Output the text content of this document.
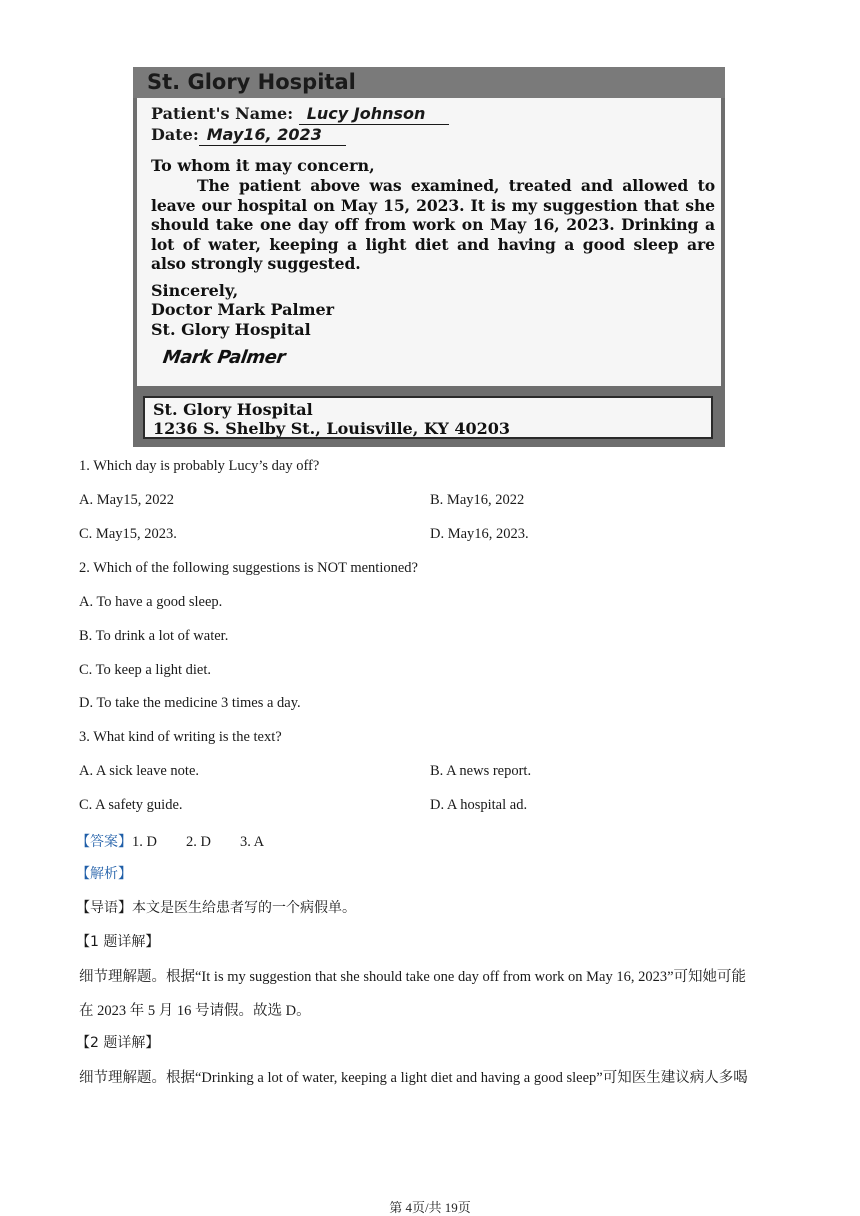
St. Glory Hospital
Patient's Name: Lucy Johnson
Date: May16, 2023
To whom it may concern,
The patient above was examined, treated and allowed to leave our hospital on May 15, 2023. It is my suggestion that she should take one day off from work on May 16, 2023. Drinking a lot of water, keeping a light diet and having a good sleep are also strongly suggested.
Sincerely,
Doctor Mark Palmer
St. Glory Hospital
Mark Palmer
St. Glory Hospital
1236 S. Shelby St., Louisville, KY 40203
1. Which day is probably Lucy’s day off?
A. May15, 2022	B. May16, 2022
C. May15, 2023.	D. May16, 2023.
2. Which of the following suggestions is NOT mentioned?
A. To have a good sleep.
B. To drink a lot of water.
C. To keep a light diet.
D. To take the medicine 3 times a day.
3. What kind of writing is the text?
A. A sick leave note.	B. A news report.
C. A safety guide.	D. A hospital ad.
【答案】1. D　　2. D　　3. A
【解析】
【导语】本文是医生给患者写的一个病假单。
【1 题详解】
细节理解题。根据“It is my suggestion that she should take one day off from work on May 16, 2023”可知她可能
在 2023 年 5 月 16 号请假。故选 D。
【2 题详解】
细节理解题。根据“Drinking a lot of water, keeping a light diet and having a good sleep”可知医生建议病人多喝
第 4页/共 19页
